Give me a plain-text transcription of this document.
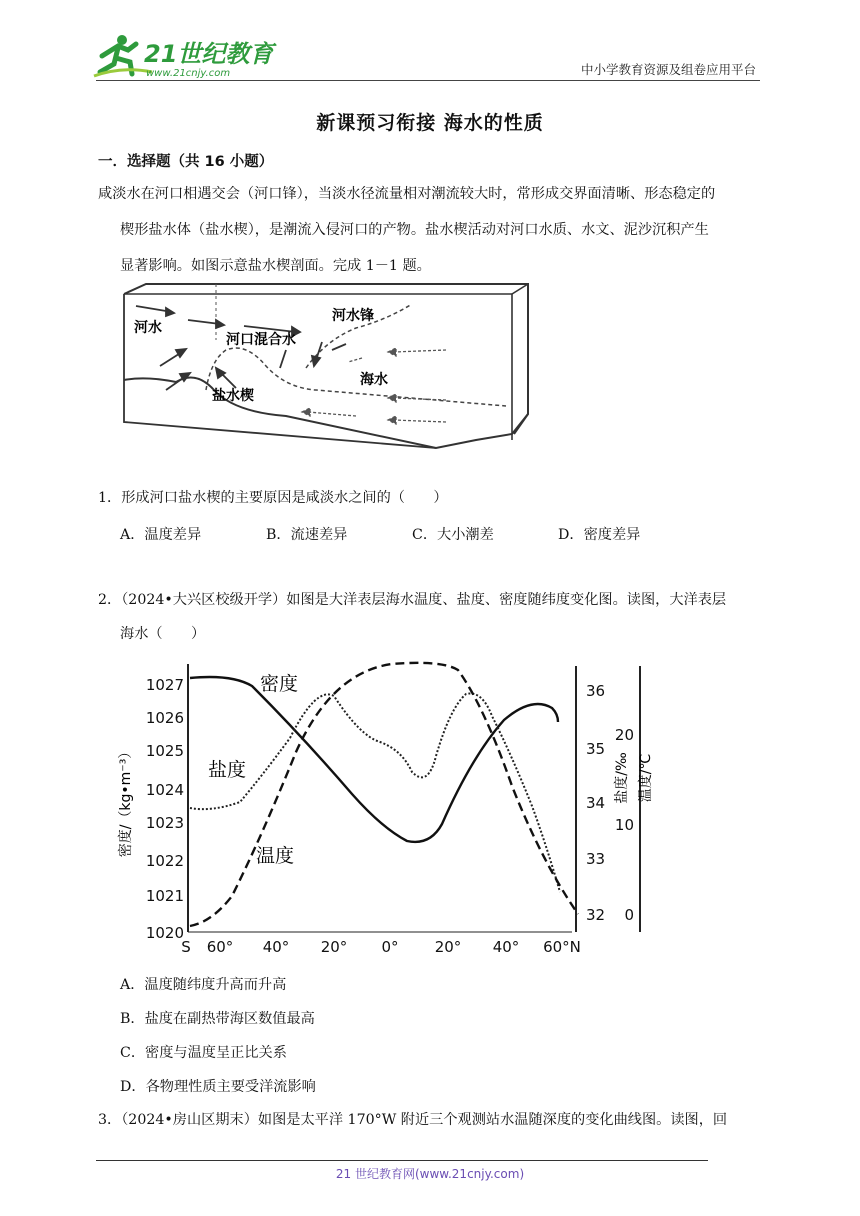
21世纪教育
www.21cnjy.com	中小学教育资源及组卷应用平台
新课预习衔接 海水的性质
一．选择题（共 16 小题）
咸淡水在河口相遇交会（河口锋），当淡水径流量相对潮流较大时，常形成交界面清晰、形态稳定的
楔形盐水体（盐水楔），是潮流入侵河口的产物。盐水楔活动对河口水质、水文、泥沙沉积产生
显著影响。如图示意盐水楔剖面。完成 1－1 题。
河水
河口混合水
河水锋
海水
盐水楔
1．形成河口盐水楔的主要原因是咸淡水之间的（　　）
A．温度差异	B．流速差异	C．大小潮差	D．密度差异
2．（2024•大兴区校级开学）如图是大洋表层海水温度、盐度、密度随纬度变化图。读图，大洋表层
海水（　　）
1027
1026
1025
1024
1023
1022
1021
1020
密度/（kg•m⁻³）
36
35
34
33
32
盐度/‰
20
10
0
温度/℃
S 60° 40° 20° 0° 20° 40° 60°N
密度
盐度
温度
A．温度随纬度升高而升高
B．盐度在副热带海区数值最高
C．密度与温度呈正比关系
D．各物理性质主要受洋流影响
3．（2024•房山区期末）如图是太平洋 170°W 附近三个观测站水温随深度的变化曲线图。读图，回
21 世纪教育网(www.21cnjy.com)
